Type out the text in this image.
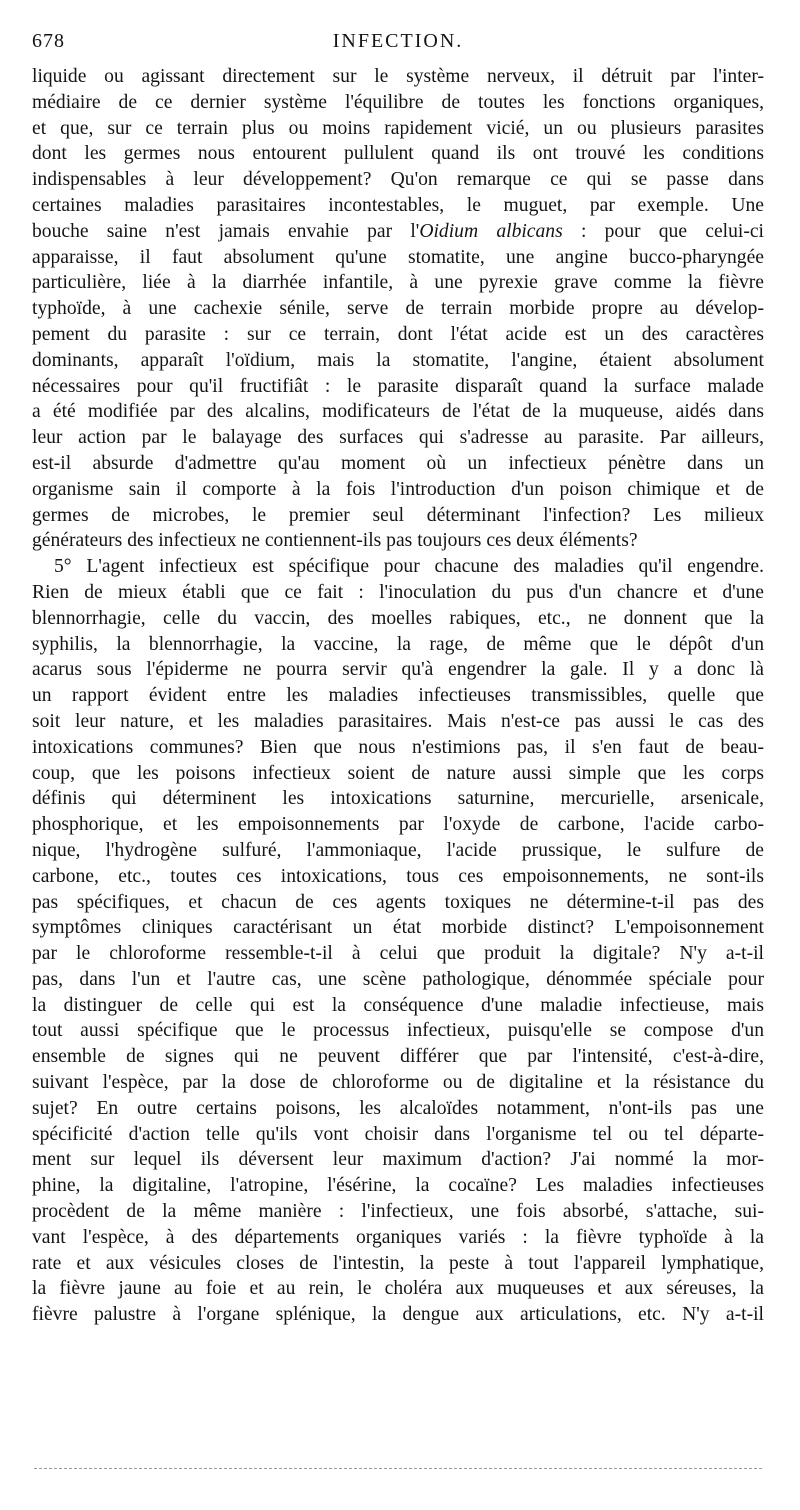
678	INFECTION.
liquide ou agissant directement sur le système nerveux, il détruit par l'inter-
médiaire de ce dernier système l'équilibre de toutes les fonctions organiques,
et que, sur ce terrain plus ou moins rapidement vicié, un ou plusieurs parasites
dont les germes nous entourent pullulent quand ils ont trouvé les conditions
indispensables à leur développement? Qu'on remarque ce qui se passe dans
certaines maladies parasitaires incontestables, le muguet, par exemple. Une
bouche saine n'est jamais envahie par l'Oidium albicans : pour que celui-ci
apparaisse, il faut absolument qu'une stomatite, une angine bucco-pharyngée
particulière, liée à la diarrhée infantile, à une pyrexie grave comme la fièvre
typhoïde, à une cachexie sénile, serve de terrain morbide propre au dévelop-
pement du parasite : sur ce terrain, dont l'état acide est un des caractères
dominants, apparaît l'oïdium, mais la stomatite, l'angine, étaient absolument
nécessaires pour qu'il fructifiât : le parasite disparaît quand la surface malade
a été modifiée par des alcalins, modificateurs de l'état de la muqueuse, aidés dans
leur action par le balayage des surfaces qui s'adresse au parasite. Par ailleurs,
est-il absurde d'admettre qu'au moment où un infectieux pénètre dans un
organisme sain il comporte à la fois l'introduction d'un poison chimique et de
germes de microbes, le premier seul déterminant l'infection? Les milieux
générateurs des infectieux ne contiennent-ils pas toujours ces deux éléments?
5° L'agent infectieux est spécifique pour chacune des maladies qu'il engendre.
Rien de mieux établi que ce fait : l'inoculation du pus d'un chancre et d'une
blennorrhagie, celle du vaccin, des moelles rabiques, etc., ne donnent que la
syphilis, la blennorrhagie, la vaccine, la rage, de même que le dépôt d'un
acarus sous l'épiderme ne pourra servir qu'à engendrer la gale. Il y a donc là
un rapport évident entre les maladies infectieuses transmissibles, quelle que
soit leur nature, et les maladies parasitaires. Mais n'est-ce pas aussi le cas des
intoxications communes? Bien que nous n'estimions pas, il s'en faut de beau-
coup, que les poisons infectieux soient de nature aussi simple que les corps
définis qui déterminent les intoxications saturnine, mercurielle, arsenicale,
phosphorique, et les empoisonnements par l'oxyde de carbone, l'acide carbo-
nique, l'hydrogène sulfuré, l'ammoniaque, l'acide prussique, le sulfure de
carbone, etc., toutes ces intoxications, tous ces empoisonnements, ne sont-ils
pas spécifiques, et chacun de ces agents toxiques ne détermine-t-il pas des
symptômes cliniques caractérisant un état morbide distinct? L'empoisonnement
par le chloroforme ressemble-t-il à celui que produit la digitale? N'y a-t-il
pas, dans l'un et l'autre cas, une scène pathologique, dénommée spéciale pour
la distinguer de celle qui est la conséquence d'une maladie infectieuse, mais
tout aussi spécifique que le processus infectieux, puisqu'elle se compose d'un
ensemble de signes qui ne peuvent différer que par l'intensité, c'est-à-dire,
suivant l'espèce, par la dose de chloroforme ou de digitaline et la résistance du
sujet? En outre certains poisons, les alcaloïdes notamment, n'ont-ils pas une
spécificité d'action telle qu'ils vont choisir dans l'organisme tel ou tel départe-
ment sur lequel ils déversent leur maximum d'action? J'ai nommé la mor-
phine, la digitaline, l'atropine, l'ésérine, la cocaïne? Les maladies infectieuses
procèdent de la même manière : l'infectieux, une fois absorbé, s'attache, sui-
vant l'espèce, à des départements organiques variés : la fièvre typhoïde à la
rate et aux vésicules closes de l'intestin, la peste à tout l'appareil lymphatique,
la fièvre jaune au foie et au rein, le choléra aux muqueuses et aux séreuses, la
fièvre palustre à l'organe splénique, la dengue aux articulations, etc. N'y a-t-il
